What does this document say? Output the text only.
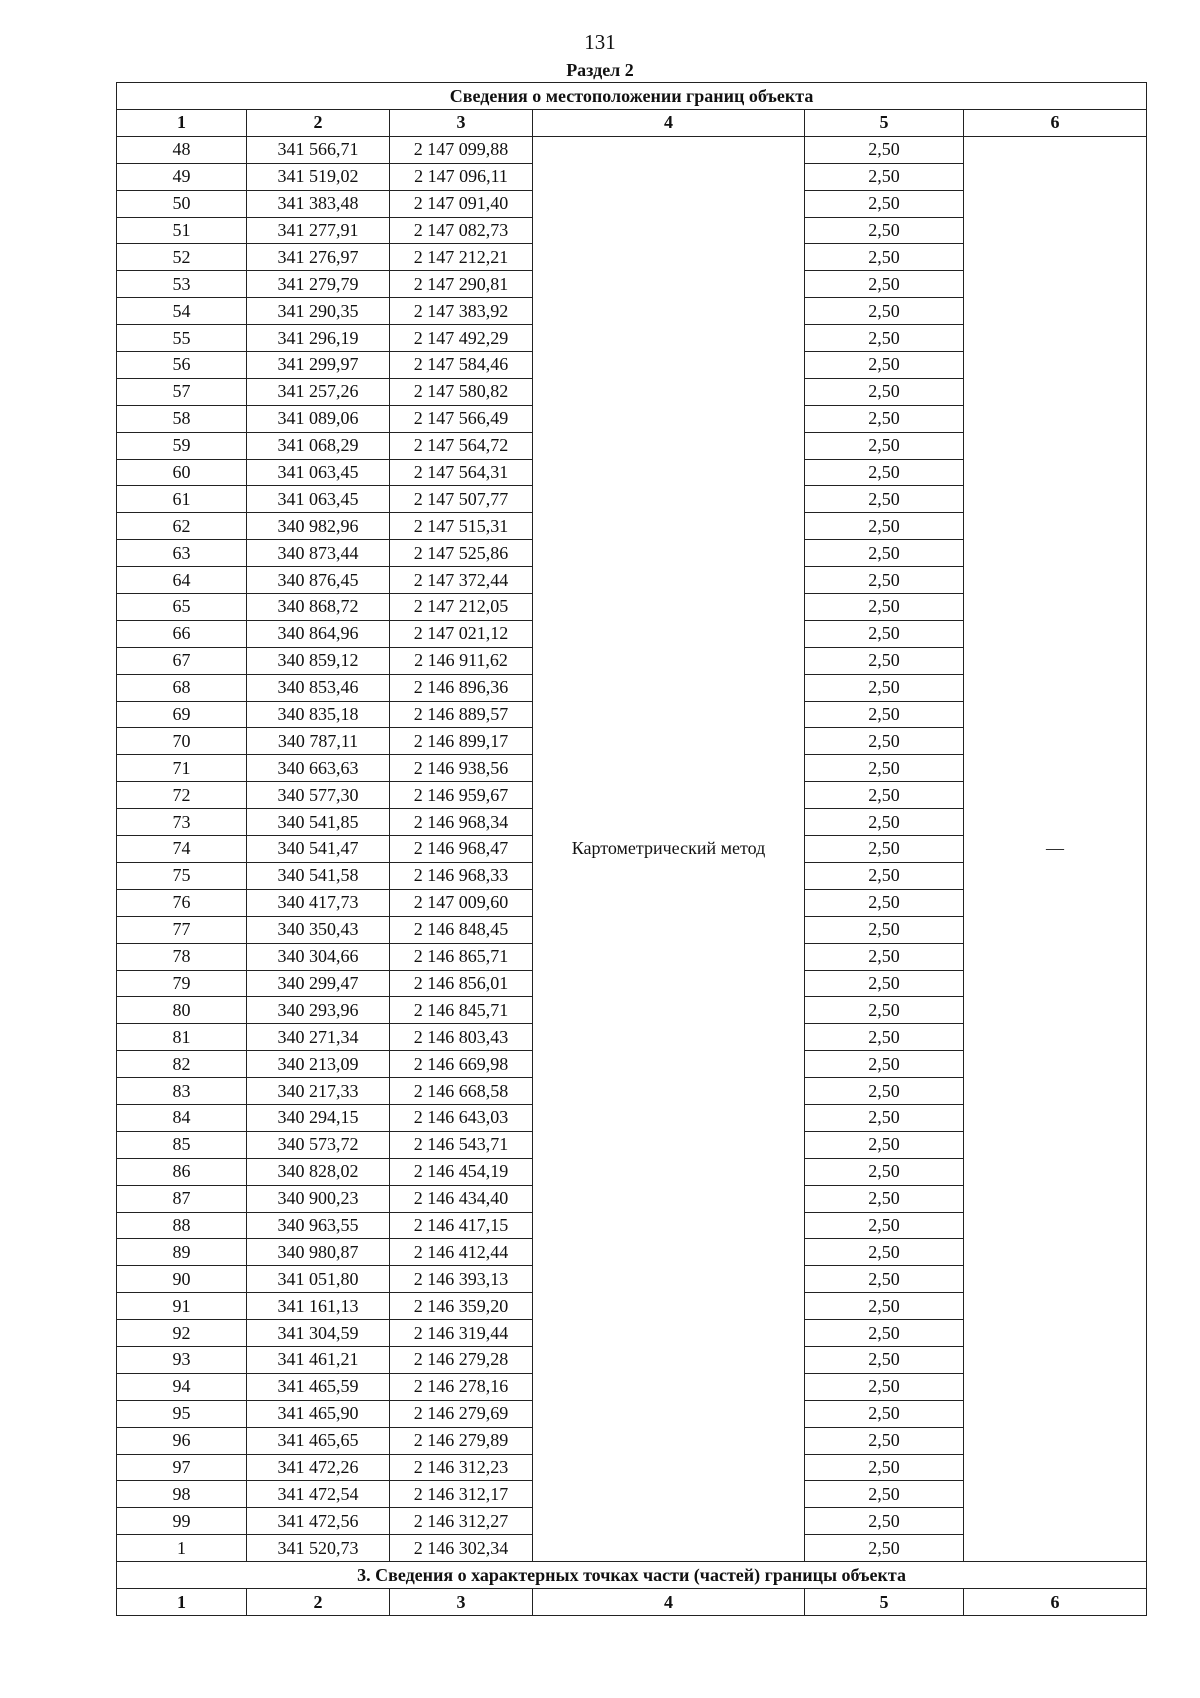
131
Раздел 2
Сведения о местоположении границ объекта					
1	2	3	4	5	6
48	341 566,71	2 147 099,88	Картометрический метод	2,50	—
49	341 519,02	2 147 096,11		2,50	
50	341 383,48	2 147 091,40		2,50	
51	341 277,91	2 147 082,73		2,50	
52	341 276,97	2 147 212,21		2,50	
53	341 279,79	2 147 290,81		2,50	
54	341 290,35	2 147 383,92		2,50	
55	341 296,19	2 147 492,29		2,50	
56	341 299,97	2 147 584,46		2,50	
57	341 257,26	2 147 580,82		2,50	
58	341 089,06	2 147 566,49		2,50	
59	341 068,29	2 147 564,72		2,50	
60	341 063,45	2 147 564,31		2,50	
61	341 063,45	2 147 507,77		2,50	
62	340 982,96	2 147 515,31		2,50	
63	340 873,44	2 147 525,86		2,50	
64	340 876,45	2 147 372,44		2,50	
65	340 868,72	2 147 212,05		2,50	
66	340 864,96	2 147 021,12		2,50	
67	340 859,12	2 146 911,62		2,50	
68	340 853,46	2 146 896,36		2,50	
69	340 835,18	2 146 889,57		2,50	
70	340 787,11	2 146 899,17		2,50	
71	340 663,63	2 146 938,56		2,50	
72	340 577,30	2 146 959,67		2,50	
73	340 541,85	2 146 968,34		2,50	
74	340 541,47	2 146 968,47		2,50	
75	340 541,58	2 146 968,33		2,50	
76	340 417,73	2 147 009,60		2,50	
77	340 350,43	2 146 848,45		2,50	
78	340 304,66	2 146 865,71		2,50	
79	340 299,47	2 146 856,01		2,50	
80	340 293,96	2 146 845,71		2,50	
81	340 271,34	2 146 803,43		2,50	
82	340 213,09	2 146 669,98		2,50	
83	340 217,33	2 146 668,58		2,50	
84	340 294,15	2 146 643,03		2,50	
85	340 573,72	2 146 543,71		2,50	
86	340 828,02	2 146 454,19		2,50	
87	340 900,23	2 146 434,40		2,50	
88	340 963,55	2 146 417,15		2,50	
89	340 980,87	2 146 412,44		2,50	
90	341 051,80	2 146 393,13		2,50	
91	341 161,13	2 146 359,20		2,50	
92	341 304,59	2 146 319,44		2,50	
93	341 461,21	2 146 279,28		2,50	
94	341 465,59	2 146 278,16		2,50	
95	341 465,90	2 146 279,69		2,50	
96	341 465,65	2 146 279,89		2,50	
97	341 472,26	2 146 312,23		2,50	
98	341 472,54	2 146 312,17		2,50	
99	341 472,56	2 146 312,27		2,50	
1	341 520,73	2 146 302,34		2,50	
3. Сведения о характерных точках части (частей) границы объекта					
1	2	3	4	5	6
